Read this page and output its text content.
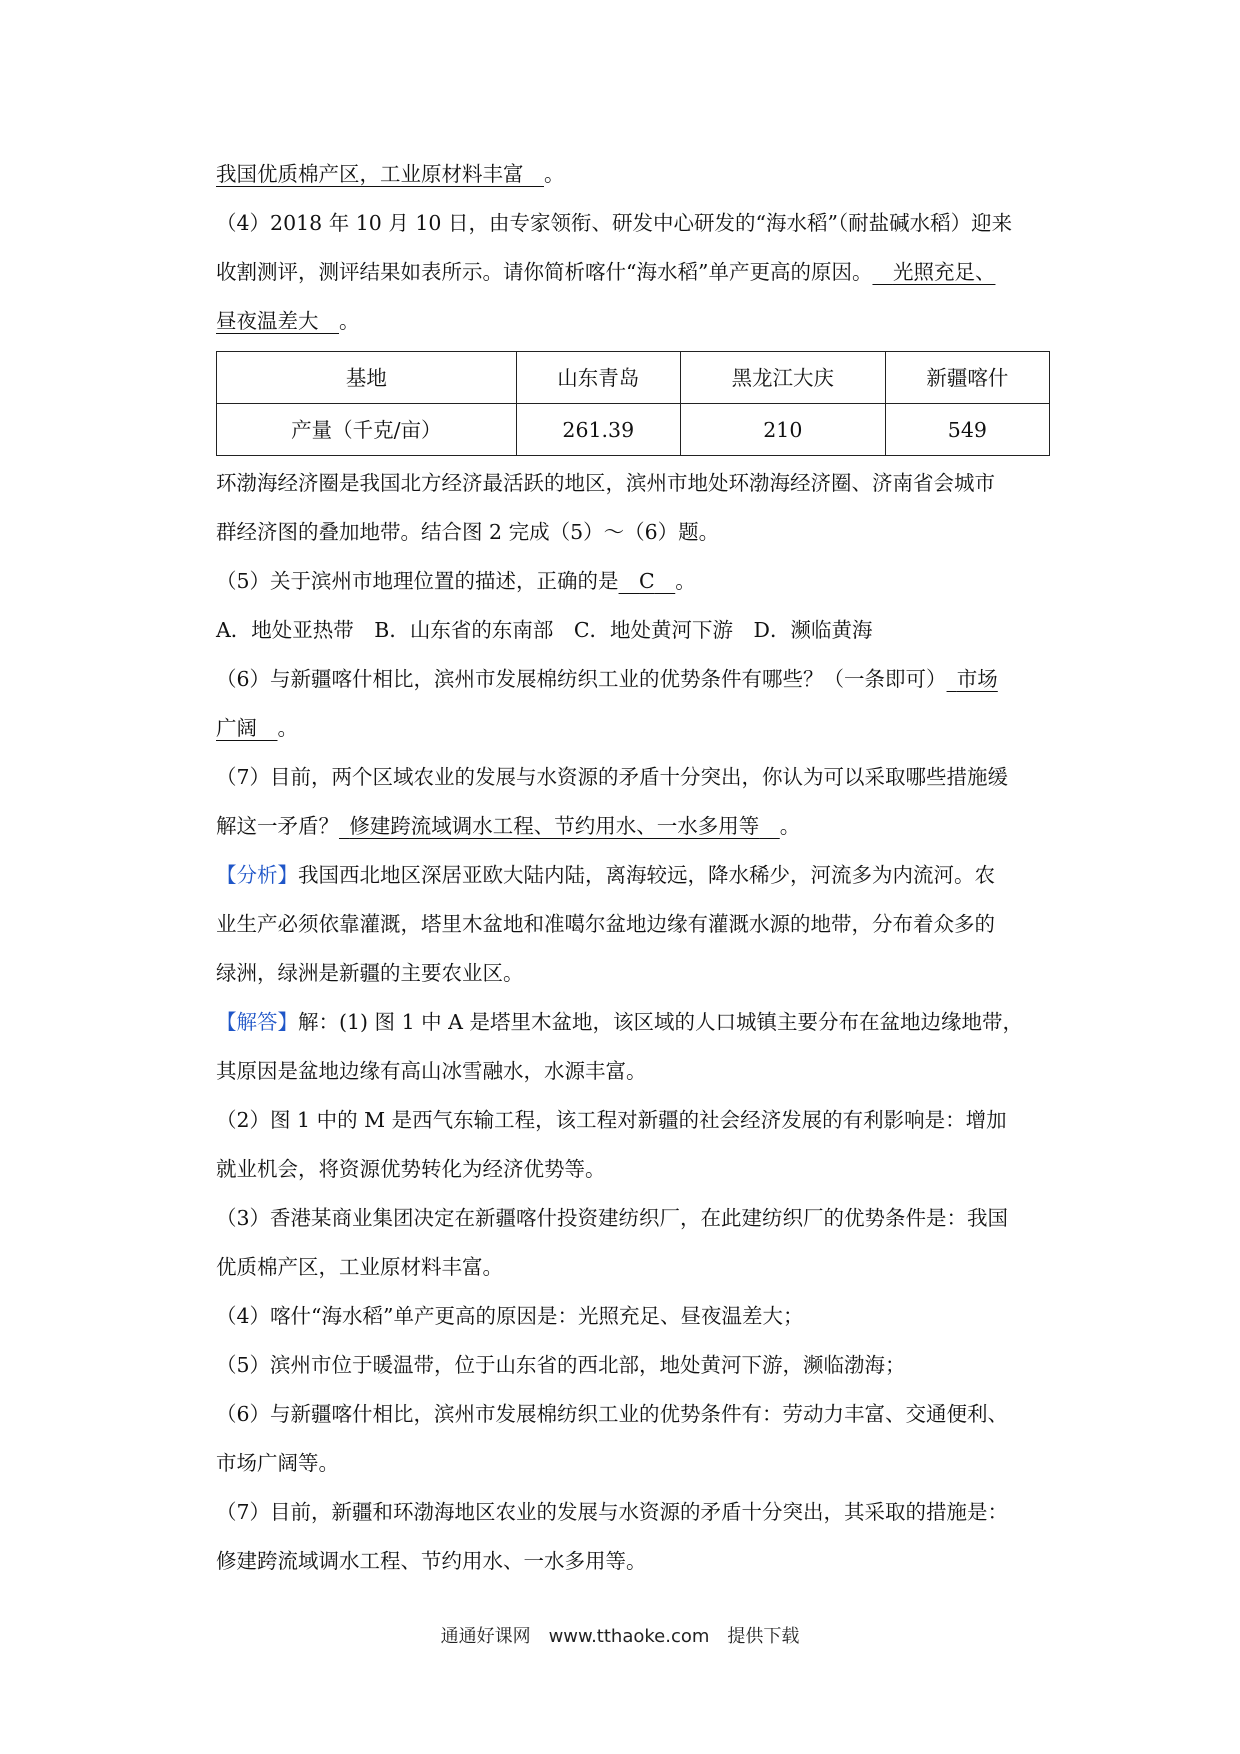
我国优质棉产区，工业原材料丰富  。

（4）2018 年 10 月 10 日，由专家领衔、研发中心研发的“海水稻”（耐盐碱水稻）迎来

收割测评，测评结果如表所示。请你简析喀什“海水稻”单产更高的原因。  光照充足、

昼夜温差大  。

基地	山东青岛	黑龙江大庆	新疆喀什
产量（千克/亩）	261.39	210	549

环渤海经济圈是我国北方经济最活跃的地区，滨州市地处环渤海经济圈、济南省会城市

群经济图的叠加地带。结合图 2 完成（5）～（6）题。

（5）关于滨州市地理位置的描述，正确的是   C   。

A．地处亚热带　B．山东省的东南部　C．地处黄河下游　D．濒临黄海

（6）与新疆喀什相比，滨州市发展棉纺织工业的优势条件有哪些？（一条即可）  市场

广阔  。

（7）目前，两个区域农业的发展与水资源的矛盾十分突出，你认为可以采取哪些措施缓

解这一矛盾？  修建跨流域调水工程、节约用水、一水多用等  。

【分析】我国西北地区深居亚欧大陆内陆，离海较远，降水稀少，河流多为内流河。农

业生产必须依靠灌溉，塔里木盆地和准噶尔盆地边缘有灌溉水源的地带，分布着众多的

绿洲，绿洲是新疆的主要农业区。

【解答】解：(1) 图 1 中 A 是塔里木盆地，该区域的人口城镇主要分布在盆地边缘地带，

其原因是盆地边缘有高山冰雪融水，水源丰富。

（2）图 1 中的 M 是西气东输工程，该工程对新疆的社会经济发展的有利影响是：增加

就业机会，将资源优势转化为经济优势等。

（3）香港某商业集团决定在新疆喀什投资建纺织厂，在此建纺织厂的优势条件是：我国

优质棉产区，工业原材料丰富。

（4）喀什“海水稻”单产更高的原因是：光照充足、昼夜温差大；

（5）滨州市位于暖温带，位于山东省的西北部，地处黄河下游，濒临渤海；

（6）与新疆喀什相比，滨州市发展棉纺织工业的优势条件有：劳动力丰富、交通便利、

市场广阔等。

（7）目前，新疆和环渤海地区农业的发展与水资源的矛盾十分突出，其采取的措施是：

修建跨流域调水工程、节约用水、一水多用等。

通通好课网　www.tthaoke.com　提供下载
